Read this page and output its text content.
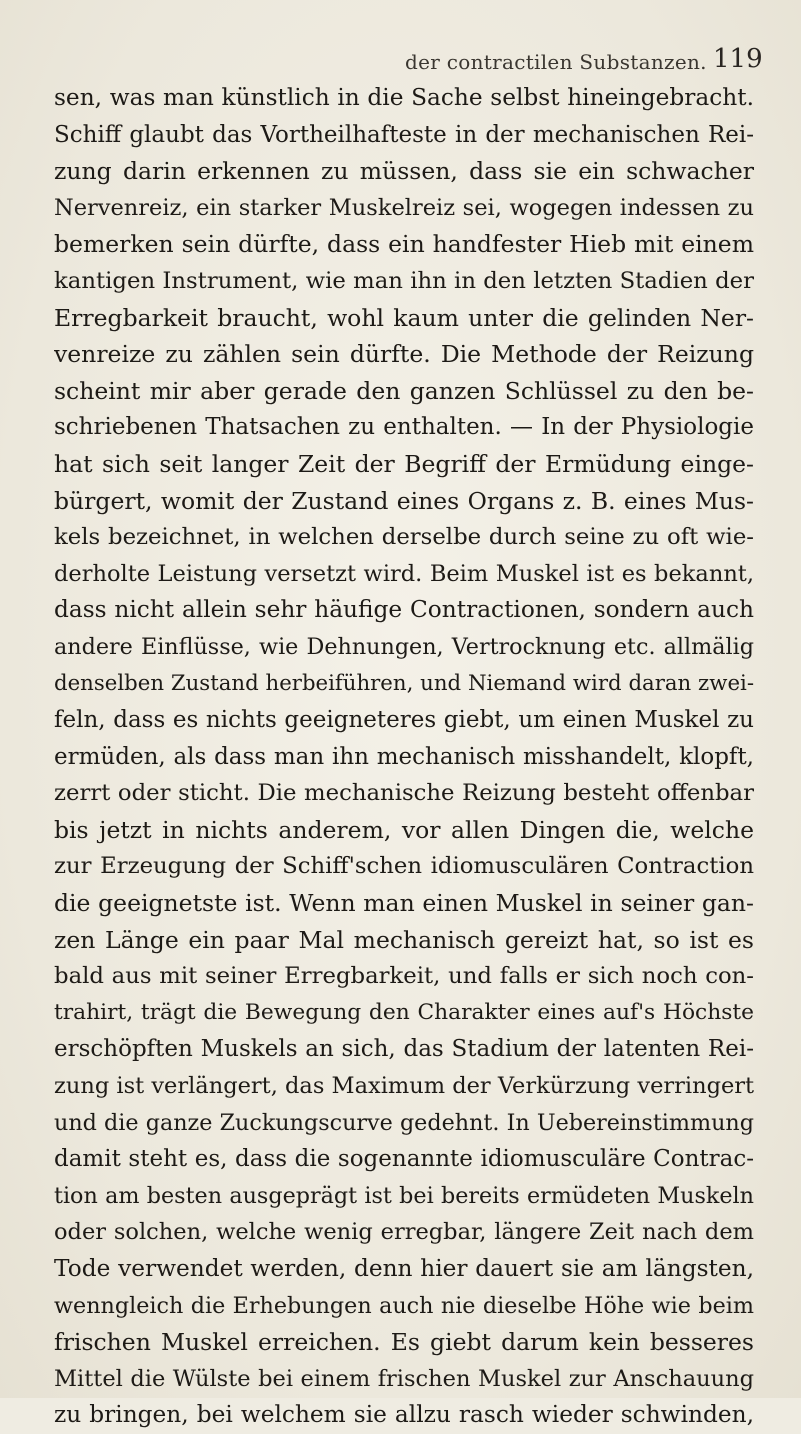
der contractilen Substanzen. 119
sen, was man künstlich in die Sache selbst hineingebracht.
Schiff glaubt das Vortheilhafteste in der mechanischen Rei-
zung darin erkennen zu müssen, dass sie ein schwacher
Nervenreiz, ein starker Muskelreiz sei, wogegen indessen zu
bemerken sein dürfte, dass ein handfester Hieb mit einem
kantigen Instrument, wie man ihn in den letzten Stadien der
Erregbarkeit braucht, wohl kaum unter die gelinden Ner-
venreize zu zählen sein dürfte. Die Methode der Reizung
scheint mir aber gerade den ganzen Schlüssel zu den be-
schriebenen Thatsachen zu enthalten. — In der Physiologie
hat sich seit langer Zeit der Begriff der Ermüdung einge-
bürgert, womit der Zustand eines Organs z. B. eines Mus-
kels bezeichnet, in welchen derselbe durch seine zu oft wie-
derholte Leistung versetzt wird. Beim Muskel ist es bekannt,
dass nicht allein sehr häufige Contractionen, sondern auch
andere Einflüsse, wie Dehnungen, Vertrocknung etc. allmälig
denselben Zustand herbeiführen, und Niemand wird daran zwei-
feln, dass es nichts geeigneteres giebt, um einen Muskel zu
ermüden, als dass man ihn mechanisch misshandelt, klopft,
zerrt oder sticht. Die mechanische Reizung besteht offenbar
bis jetzt in nichts anderem, vor allen Dingen die, welche
zur Erzeugung der Schiff'schen idiomusculären Contraction
die geeignetste ist. Wenn man einen Muskel in seiner gan-
zen Länge ein paar Mal mechanisch gereizt hat, so ist es
bald aus mit seiner Erregbarkeit, und falls er sich noch con-
trahirt, trägt die Bewegung den Charakter eines auf's Höchste
erschöpften Muskels an sich, das Stadium der latenten Rei-
zung ist verlängert, das Maximum der Verkürzung verringert
und die ganze Zuckungscurve gedehnt. In Uebereinstimmung
damit steht es, dass die sogenannte idiomusculäre Contrac-
tion am besten ausgeprägt ist bei bereits ermüdeten Muskeln
oder solchen, welche wenig erregbar, längere Zeit nach dem
Tode verwendet werden, denn hier dauert sie am längsten,
wenngleich die Erhebungen auch nie dieselbe Höhe wie beim
frischen Muskel erreichen. Es giebt darum kein besseres
Mittel die Wülste bei einem frischen Muskel zur Anschauung
zu bringen, bei welchem sie allzu rasch wieder schwinden,
